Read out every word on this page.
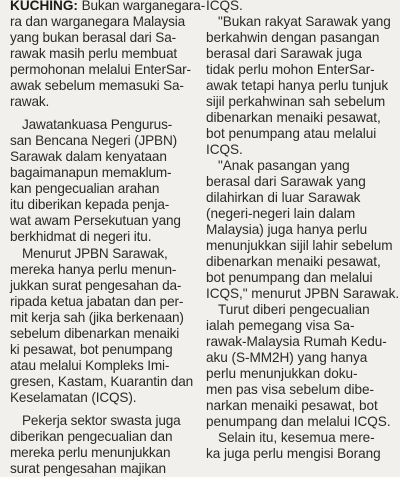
KUCHING: Bukan warganegara-
ra dan warganegara Malaysia
yang bukan berasal dari Sa-
rawak masih perlu membuat
permohonan melalui EnterSar-
awak sebelum memasuki Sa-
rawak.
Jawatankuasa Pengurus-
san Bencana Negeri (JPBN)
Sarawak dalam kenyataan
bagaimanapun memaklum-
kan pengecualian arahan
itu diberikan kepada penja-
wat awam Persekutuan yang
berkhidmat di negeri itu.
Menurut JPBN Sarawak,
mereka hanya perlu menun-
jukkan surat pengesahan da-
ripada ketua jabatan dan per-
mit kerja sah (jika berkenaan)
sebelum dibenarkan menaiki
ki pesawat, bot penumpang
atau melalui Kompleks Imi-
gresen, Kastam, Kuarantin dan
Keselamatan (ICQS).
Pekerja sektor swasta juga
diberikan pengecualian dan
mereka perlu menunjukkan
surat pengesahan majikan
ICQS.
"Bukan rakyat Sarawak yang
berkahwin dengan pasangan
berasal dari Sarawak juga
tidak perlu mohon EnterSar-
awak tetapi hanya perlu tunjuk
sijil perkahwinan sah sebelum
dibenarkan menaiki pesawat,
bot penumpang atau melalui
ICQS.
"Anak pasangan yang
berasal dari Sarawak yang
dilahirkan di luar Sarawak
(negeri-negeri lain dalam
Malaysia) juga hanya perlu
menunjukkan sijil lahir sebelum
dibenarkan menaiki pesawat,
bot penumpang dan melalui
ICQS," menurut JPBN Sarawak.
Turut diberi pengecualian
ialah pemegang visa Sa-
rawak-Malaysia Rumah Kedu-
aku (S-MM2H) yang hanya
perlu menunjukkan doku-
men pas visa sebelum dibe-
narkan menaiki pesawat, bot
penumpang dan melalui ICQS.
Selain itu, kesemua mere-
ka juga perlu mengisi Borang
